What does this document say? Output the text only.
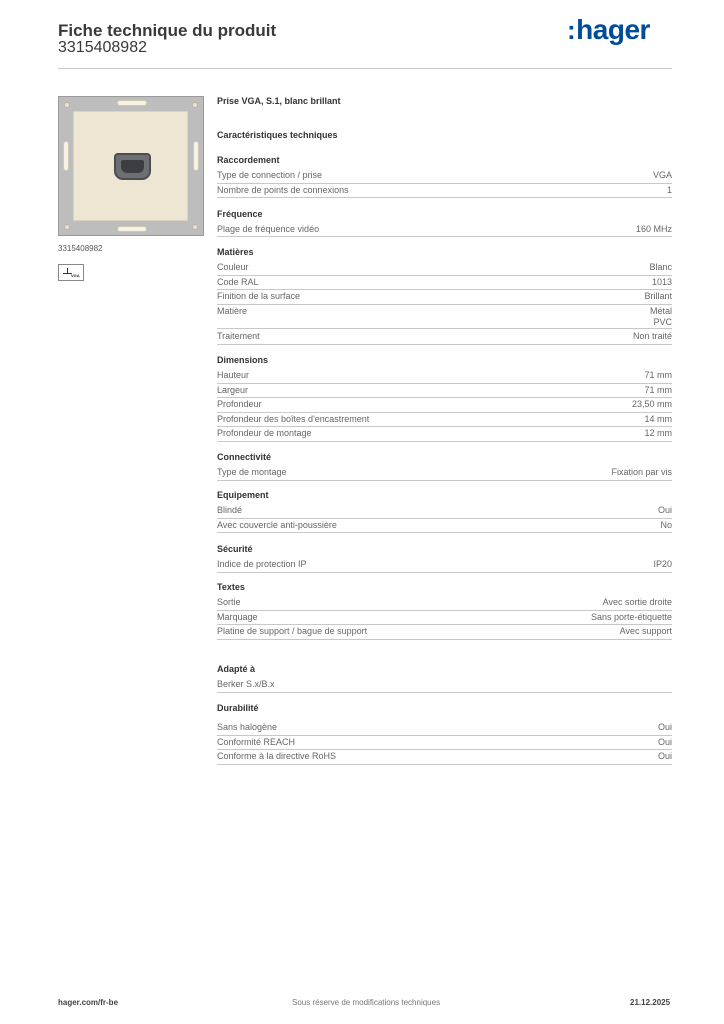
Fiche technique du produit
3315408982
:hager
3315408982
VGA
Prise VGA, S.1, blanc brillant
Caractéristiques techniques
Raccordement
Type de connection / prise	VGA
Nombre de points de connexions	1
Fréquence
Plage de fréquence vidéo	160 MHz
Matières
Couleur	Blanc
Code RAL	1013
Finition de la surface	Brillant
Matière	Métal
PVC
Traitement	Non traité
Dimensions
Hauteur	71 mm
Largeur	71 mm
Profondeur	23,50 mm
Profondeur des boîtes d'encastrement	14 mm
Profondeur de montage	12 mm
Connectivité
Type de montage	Fixation par vis
Equipement
Blindé	Oui
Avec couvercle anti-poussière	No
Sécurité
Indice de protection IP	IP20
Textes
Sortie	Avec sortie droite
Marquage	Sans porte-étiquette
Platine de support / bague de support	Avec support
Adapté à
Berker S.x/B.x
Durabilité
Sans halogène	Oui
Conformité REACH	Oui
Conforme à la directive RoHS	Oui
hager.com/fr-be	Sous réserve de modifications techniques	21.12.2025
